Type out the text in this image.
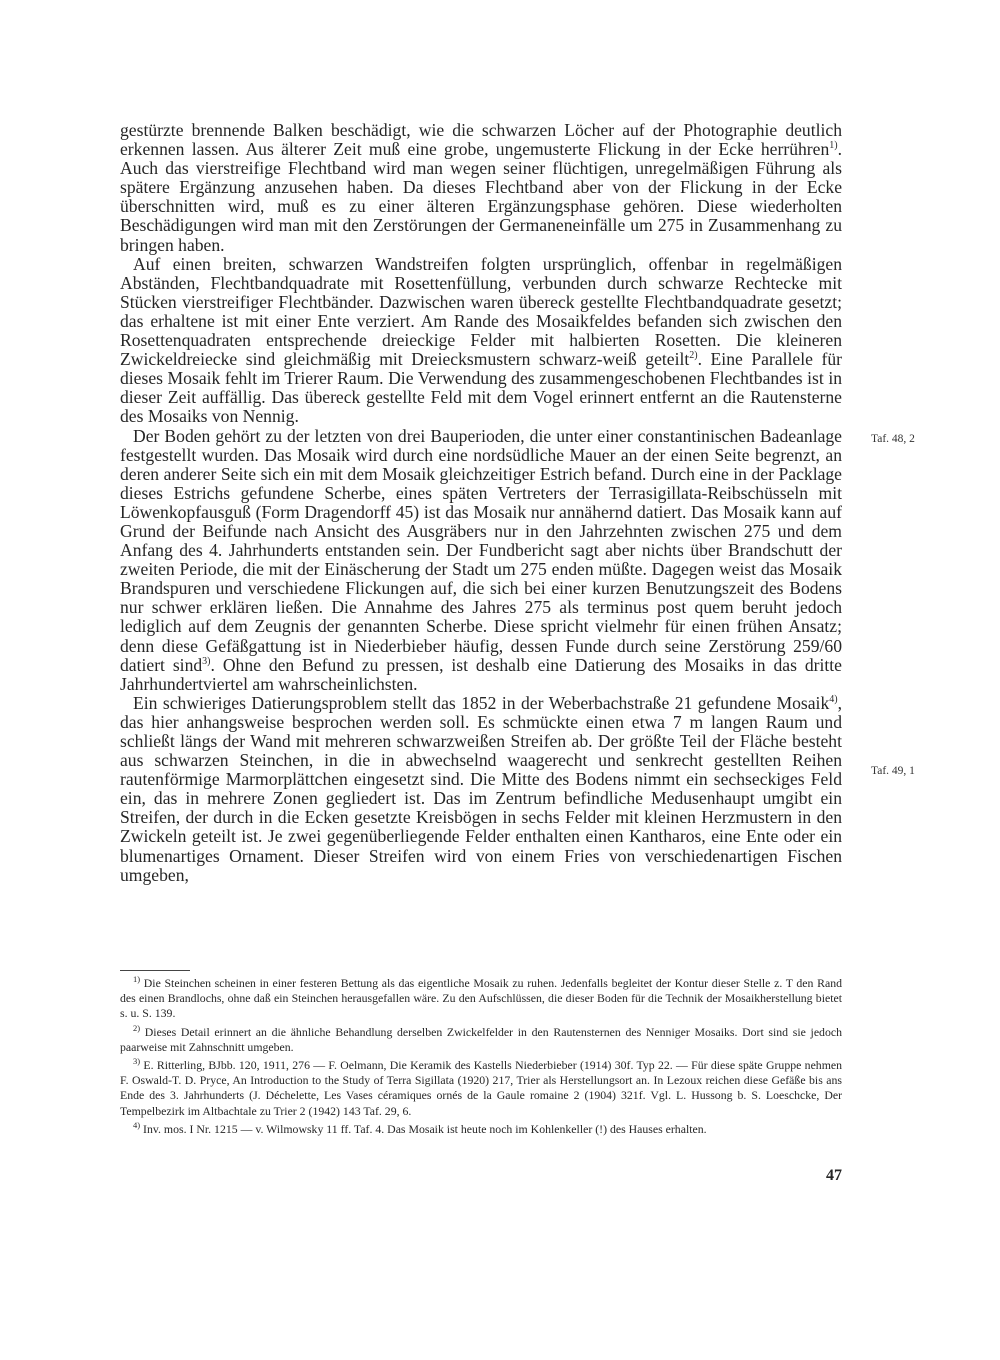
gestürzte brennende Balken beschädigt, wie die schwarzen Löcher auf der Photographie deutlich erkennen lassen. Aus älterer Zeit muß eine grobe, ungemusterte Flickung in der Ecke herrühren$^1$ ) . Auch das vierstreifige Flechtband wird man wegen seiner flüchtigen, unregelmäßigen Führung als spätere Ergänzung anzusehen haben. Da dieses Flechtband aber von der Flickung in der Ecke überschnitten wird, muß es zu einer älteren Ergänzungsphase gehören. Diese wiederholten Beschädigungen wird man mit den Zerstörungen der Germaneneinfälle um 275 in Zusammenhang zu bringen haben.

Auf einen breiten, schwarzen Wandstreifen folgten ursprünglich, offenbar in regelmäßigen Abständen, Flechtbandquadrate mit Rosettenfüllung, verbunden durch schwarze Rechtecke mit Stücken vierstreifiger Flechtbänder. Dazwischen waren übereck gestellte Flechtbandquadrate gesetzt; das erhaltene ist mit einer Ente verziert. Am Rande des Mosaikfeldes befanden sich zwischen den Rosettenquadraten entsprechende dreieckige Felder mit halbierten Rosetten. Die kleineren Zwickeldreiecke sind gleichmäßig mit Dreiecksmustern schwarz-weiß geteilt$^2$ ) . Eine Parallele für dieses Mosaik fehlt im Trierer Raum. Die Verwendung des zusammengeschobenen Flechtbandes ist in dieser Zeit auffällig. Das übereck gestellte Feld mit dem Vogel erinnert entfernt an die Rautensterne des Mosaiks von Nennig.

Der Boden gehört zu der letzten von drei Bauperioden, die unter einer constantinischen Badeanlage festgestellt wurden. Das Mosaik wird durch eine nordsüdliche Mauer an der einen Seite begrenzt, an deren anderer Seite sich ein mit dem Mosaik gleichzeitiger Estrich befand. Durch eine in der Packlage dieses Estrichs gefundene Scherbe, eines späten Vertreters der Terrasigillata-Reibschüsseln mit Löwenkopfausguß (Form Dragendorff 45) ist das Mosaik nur annähernd datiert. Das Mosaik kann auf Grund der Beifunde nach Ansicht des Ausgräbers nur in den Jahrzehnten zwischen 275 und dem Anfang des 4. Jahrhunderts entstanden sein. Der Fundbericht sagt aber nichts über Brandschutt der zweiten Periode, die mit der Einäscherung der Stadt um 275 enden müßte. Dagegen weist das Mosaik Brandspuren und verschiedene Flickungen auf, die sich bei einer kurzen Benutzungszeit des Bodens nur schwer erklären ließen. Die Annahme des Jahres 275 als terminus post quem beruht jedoch lediglich auf dem Zeugnis der genannten Scherbe. Diese spricht vielmehr für einen frühen Ansatz; denn diese Gefäßgattung ist in Niederbieber häufig, dessen Funde durch seine Zerstörung 259/60 datiert sind$^3$ ) . Ohne den Befund zu pressen, ist deshalb eine Datierung des Mosaiks in das dritte Jahrhundertviertel am wahrscheinlichsten.

Ein schwieriges Datierungsproblem stellt das 1852 in der Weberbachstraße 21 gefundene Mosaik$^4$ ) , das hier anhangsweise besprochen werden soll. Es schmückte einen etwa 7 m langen Raum und schließt längs der Wand mit mehreren schwarzweißen Streifen ab. Der größte Teil der Fläche besteht aus schwarzen Steinchen, in die in abwechselnd waagerecht und senkrecht gestellten Reihen rautenförmige Marmorplättchen eingesetzt sind. Die Mitte des Bodens nimmt ein sechseckiges Feld ein, das in mehrere Zonen gegliedert ist. Das im Zentrum befindliche Medusenhaupt umgibt ein Streifen, der durch in die Ecken gesetzte Kreisbögen in sechs Felder mit kleinen Herzmustern in den Zwickeln geteilt ist. Je zwei gegenüberliegende Felder enthalten einen Kantharos, eine Ente oder ein blumenartiges Ornament. Dieser Streifen wird von einem Fries von verschiedenartigen Fischen umgeben,

Taf. 48, 2
Taf. 49, 1

$^1$ ) Die Steinchen scheinen in einer festeren Bettung als das eigentliche Mosaik zu ruhen. Jedenfalls begleitet der Kontur dieser Stelle z. T den Rand des einen Brandlochs, ohne daß ein Steinchen herausgefallen wäre. Zu den Aufschlüssen, die dieser Boden für die Technik der Mosaikherstellung bietet s. u. S. 139.

$^2$ ) Dieses Detail erinnert an die ähnliche Behandlung derselben Zwickelfelder in den Rautensternen des Nenniger Mosaiks. Dort sind sie jedoch paarweise mit Zahnschnitt umgeben.

$^3$ ) E. Ritterling, BJbb. 120, 1911, 276 — F. Oelmann, Die Keramik des Kastells Niederbieber (1914) 30f. Typ 22. — Für diese späte Gruppe nehmen F. Oswald-T. D. Pryce, An Introduction to the Study of Terra Sigillata (1920) 217, Trier als Herstellungsort an. In Lezoux reichen diese Gefäße bis ans Ende des 3. Jahrhunderts (J. Déchelette, Les Vases céramiques ornés de la Gaule romaine 2 (1904) 321f. Vgl. L. Hussong b. S. Loeschcke, Der Tempelbezirk im Altbachtale zu Trier 2 (1942) 143 Taf. 29, 6.

$^4$ ) Inv. mos. I Nr. 1215 — v. Wilmowsky 11 ff. Taf. 4. Das Mosaik ist heute noch im Kohlenkeller (!) des Hauses erhalten.

47
